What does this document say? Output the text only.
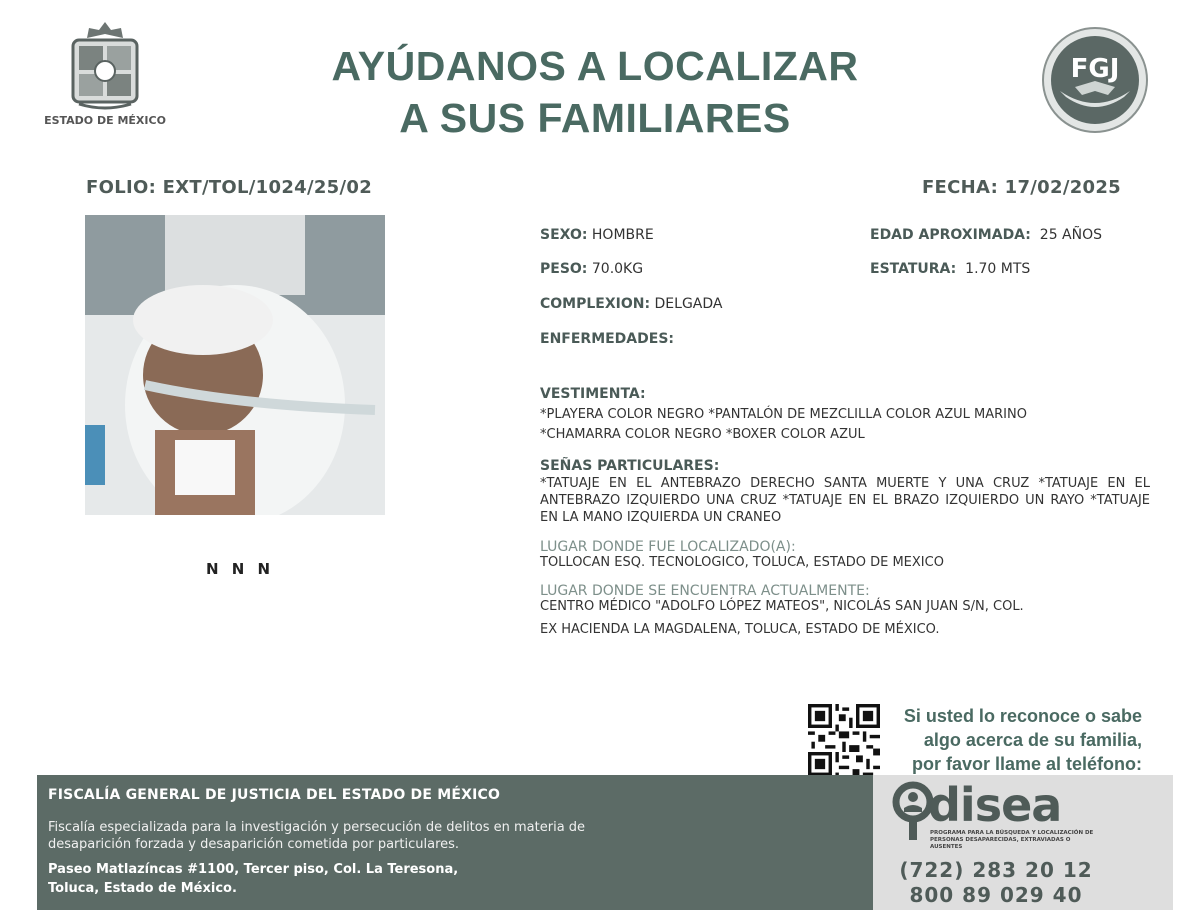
ESTADO DE MÉXICO
AYÚDANOS A LOCALIZAR
A SUS FAMILIARES
FGJ
FOLIO: EXT/TOL/1024/25/02	FECHA: 17/02/2025
N N N
SEXO: HOMBRE	EDAD APROXIMADA: 25 AÑOS
PESO: 70.0KG	ESTATURA: 1.70 MTS
COMPLEXION: DELGADA
ENFERMEDADES:
VESTIMENTA:
*PLAYERA COLOR NEGRO *PANTALÓN DE MEZCLILLA COLOR AZUL MARINO
*CHAMARRA COLOR NEGRO *BOXER COLOR AZUL
SEÑAS PARTICULARES:
*TATUAJE EN EL ANTEBRAZO DERECHO SANTA MUERTE Y UNA CRUZ *TATUAJE EN EL ANTEBRAZO IZQUIERDO UNA CRUZ *TATUAJE EN EL BRAZO IZQUIERDO UN RAYO *TATUAJE EN LA MANO IZQUIERDA UN CRANEO
LUGAR DONDE FUE LOCALIZADO(A):
TOLLOCAN ESQ. TECNOLOGICO, TOLUCA, ESTADO DE MEXICO
LUGAR DONDE SE ENCUENTRA ACTUALMENTE:
CENTRO MÉDICO "ADOLFO LÓPEZ MATEOS", NICOLÁS SAN JUAN S/N, COL.
EX HACIENDA LA MAGDALENA, TOLUCA, ESTADO DE MÉXICO.
Si usted lo reconoce o sabe
algo acerca de su familia,
por favor llame al teléfono:
FISCALÍA GENERAL DE JUSTICIA DEL ESTADO DE MÉXICO
Fiscalía especializada para la investigación y persecución de delitos en materia de desaparición forzada y desaparición cometida por particulares.
Paseo Matlazíncas #1100, Tercer piso, Col. La Teresona,
Toluca, Estado de México.
disea
PROGRAMA PARA LA BÚSQUEDA Y LOCALIZACIÓN DE PERSONAS DESAPARECIDAS, EXTRAVIADAS O AUSENTES
(722) 283 20 12
800 89 029 40
